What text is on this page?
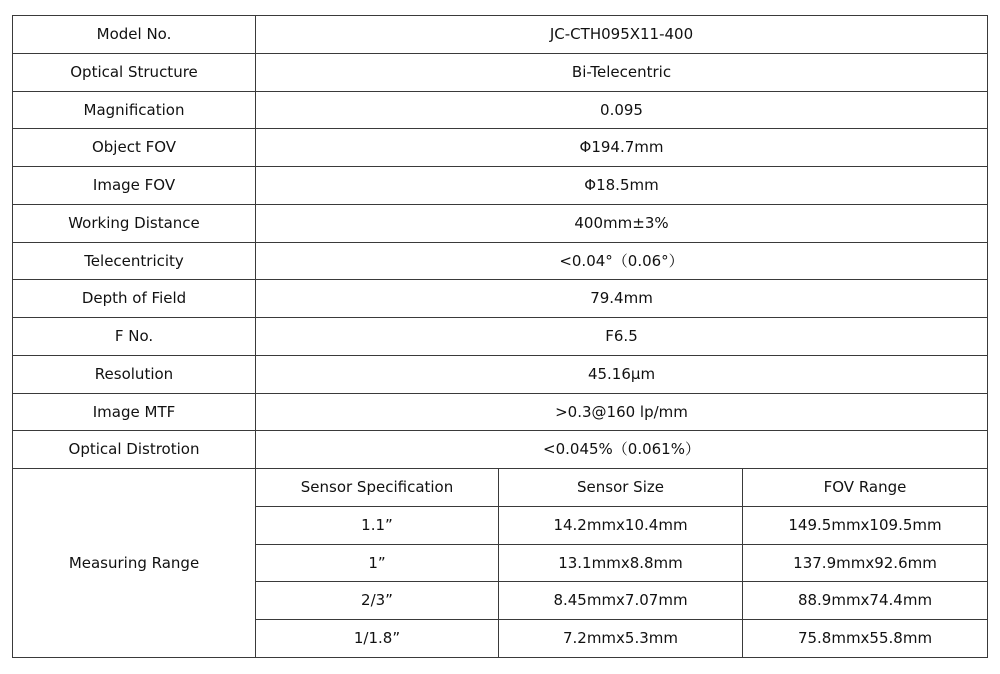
Model No.	JC-CTH095X11-400		
Optical Structure	Bi-Telecentric		
Magnification	0.095		
Object FOV	Φ194.7mm		
Image FOV	Φ18.5mm		
Working Distance	400mm±3%		
Telecentricity	<0.04°（0.06°）		
Depth of Field	79.4mm		
F No.	F6.5		
Resolution	45.16μm		
Image MTF	>0.3@160 lp/mm		
Optical Distrotion	<0.045%（0.061%）		
Measuring Range	Sensor Specification	Sensor Size	FOV Range
	1.1”	14.2mmx10.4mm	149.5mmx109.5mm
	1”	13.1mmx8.8mm	137.9mmx92.6mm
	2/3”	8.45mmx7.07mm	88.9mmx74.4mm
	1/1.8”	7.2mmx5.3mm	75.8mmx55.8mm
